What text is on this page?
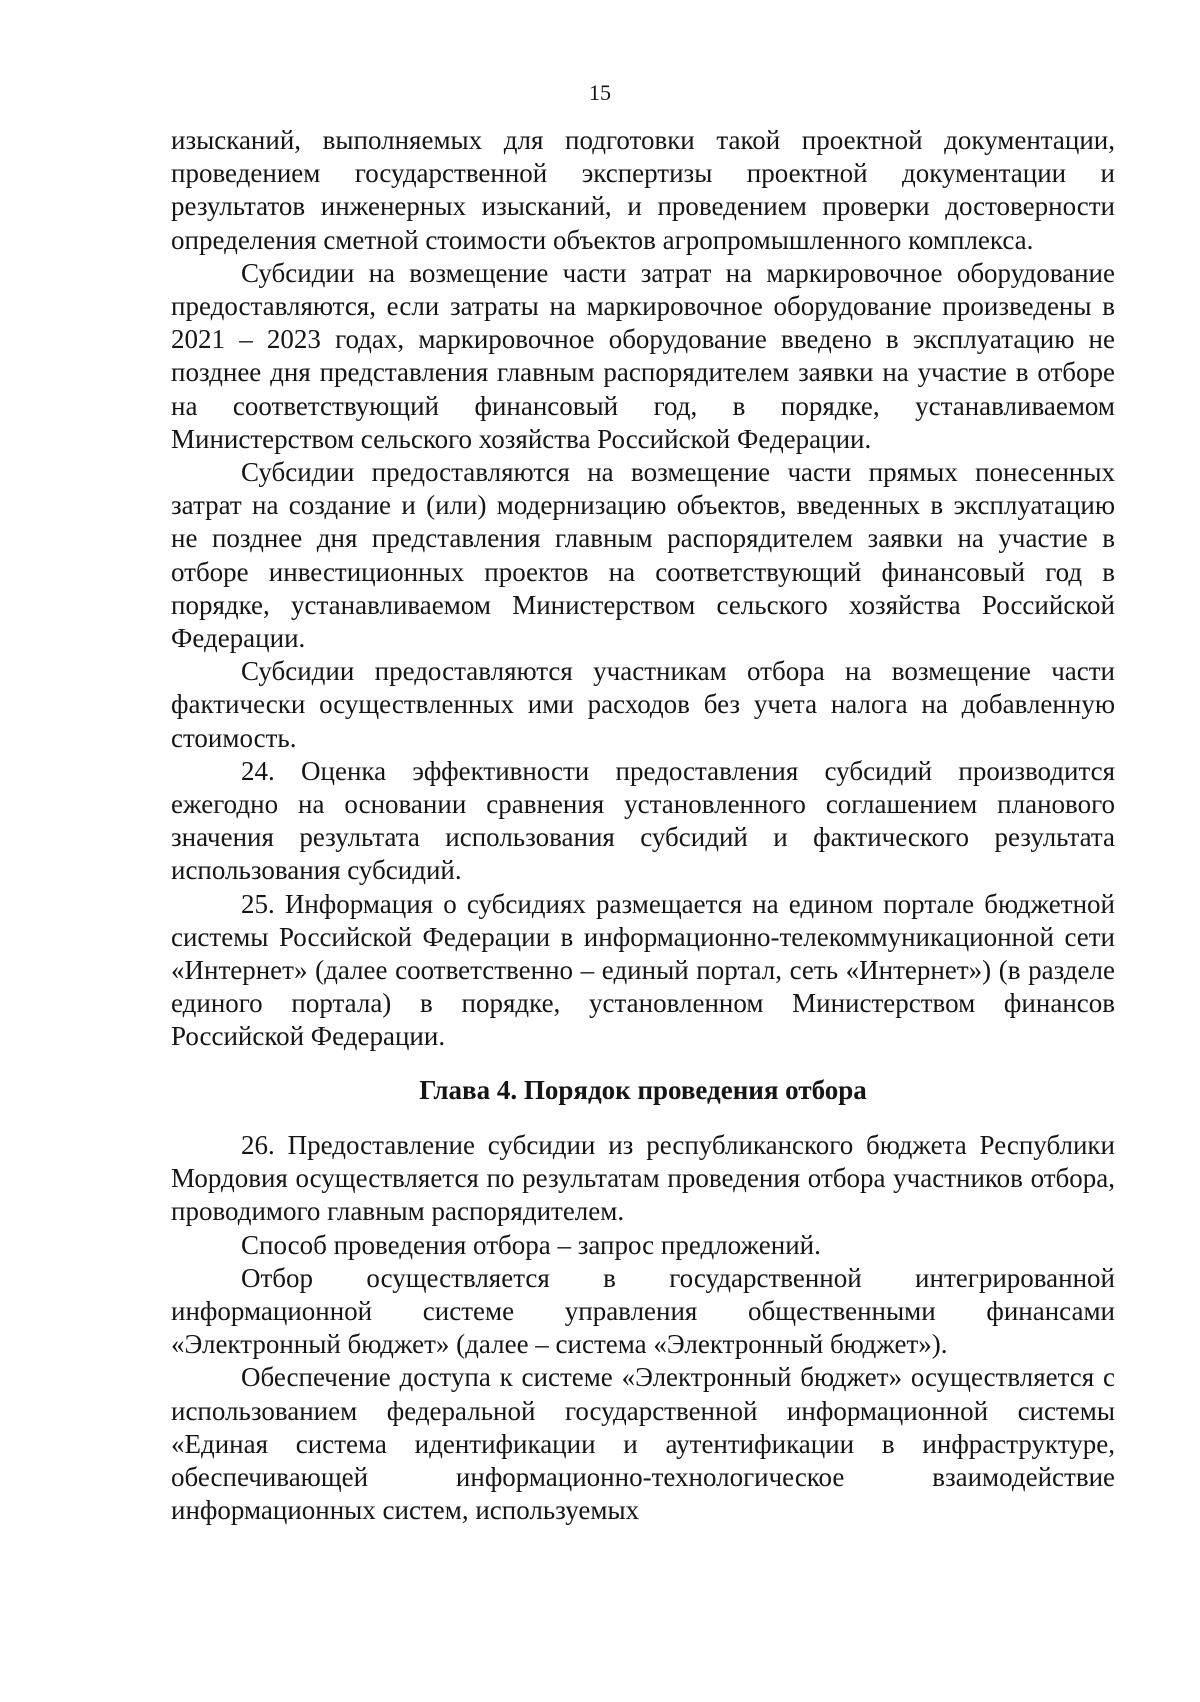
15

изысканий, выполняемых для подготовки такой проектной документации, проведением государственной экспертизы проектной документации и результатов инженерных изысканий, и проведением проверки достоверности определения сметной стоимости объектов агропромышленного комплекса.

Субсидии на возмещение части затрат на маркировочное оборудование предоставляются, если затраты на маркировочное оборудование произведены в 2021 – 2023 годах, маркировочное оборудование введено в эксплуатацию не позднее дня представления главным распорядителем заявки на участие в отборе на соответствующий финансовый год, в порядке, устанавливаемом Министерством сельского хозяйства Российской Федерации.

Субсидии предоставляются на возмещение части прямых понесенных затрат на создание и (или) модернизацию объектов, введенных в эксплуатацию не позднее дня представления главным распорядителем заявки на участие в отборе инвестиционных проектов на соответствующий финансовый год в порядке, устанавливаемом Министерством сельского хозяйства Российской Федерации.

Субсидии предоставляются участникам отбора на возмещение части фактически осуществленных ими расходов без учета налога на добавленную стоимость.

24. Оценка эффективности предоставления субсидий производится ежегодно на основании сравнения установленного соглашением планового значения результата использования субсидий и фактического результата использования субсидий.

25. Информация о субсидиях размещается на едином портале бюджетной системы Российской Федерации в информационно-телекоммуникационной сети «Интернет» (далее соответственно – единый портал, сеть «Интернет») (в разделе единого портала) в порядке, установленном Министерством финансов Российской Федерации.

Глава 4. Порядок проведения отбора

26. Предоставление субсидии из республиканского бюджета Республики Мордовия осуществляется по результатам проведения отбора участников отбора, проводимого главным распорядителем.

Способ проведения отбора – запрос предложений.

Отбор осуществляется в государственной интегрированной информационной системе управления общественными финансами «Электронный бюджет» (далее – система «Электронный бюджет»).

Обеспечение доступа к системе «Электронный бюджет» осуществляется с использованием федеральной государственной информационной системы «Единая система идентификации и аутентификации в инфраструктуре, обеспечивающей информационно-технологическое взаимодействие информационных систем, используемых
